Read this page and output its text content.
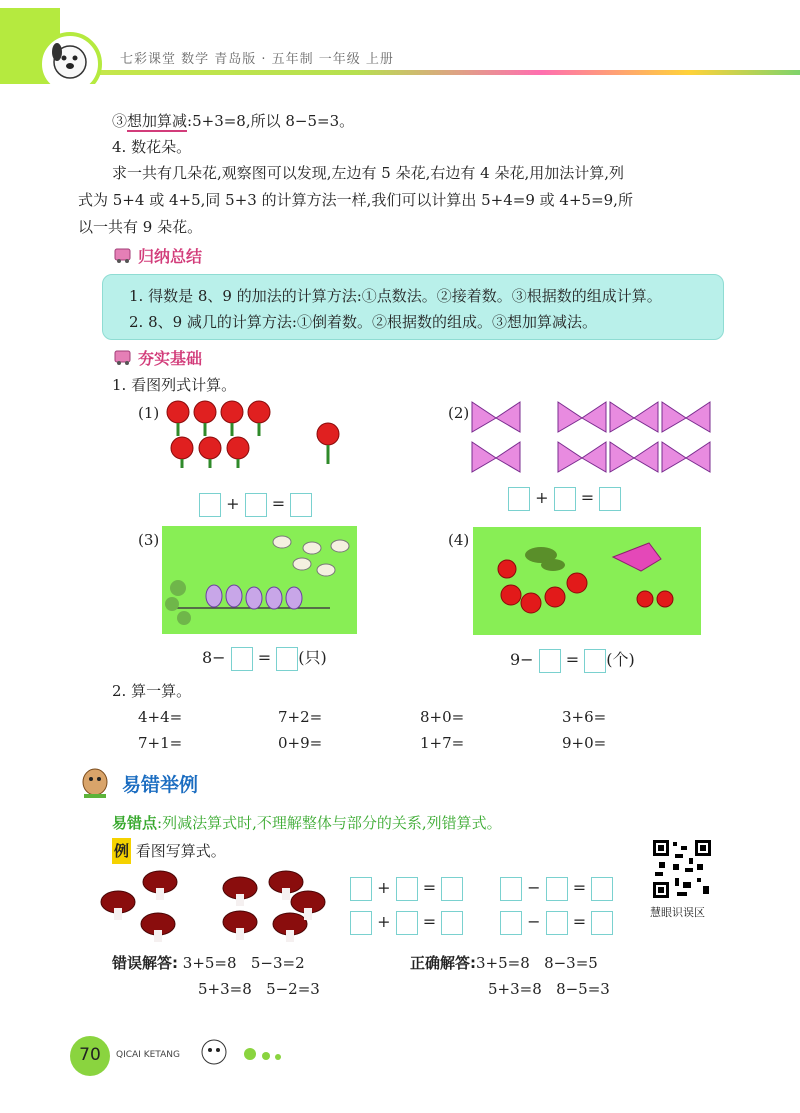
七彩课堂 数学 青岛版 · 五年制 一年级 上册
③想加算减:5+3=8,所以 8−5=3。
4. 数花朵。
求一共有几朵花,观察图可以发现,左边有 5 朵花,右边有 4 朵花,用加法计算,列
式为 5+4 或 4+5,同 5+3 的计算方法一样,我们可以计算出 5+4=9 或 4+5=9,所
以一共有 9 朵花。
归纳总结
1. 得数是 8、9 的加法的计算方法:①点数法。②接着数。③根据数的组成计算。
2. 8、9 减几的计算方法:①倒着数。②根据数的组成。③想加算减法。
夯实基础
1. 看图列式计算。
(1)
+ =
(2)
+ =
(3)
8− = (只)
(4)
9− = (个)
2. 算一算。
4+4=	7+2=	8+0=	3+6=
7+1=	0+9=	1+7=	9+0=
易错举例
易错点:列减法算式时,不理解整体与部分的关系,列错算式。
例 看图写算式。
慧眼识误区
+ =
+ =
− =
− =
错误解答: 3+5=8   5−3=2
5+3=8   5−2=3
正确解答:3+5=8   8−3=5
5+3=8   8−5=3
70	QICAI KETANG
